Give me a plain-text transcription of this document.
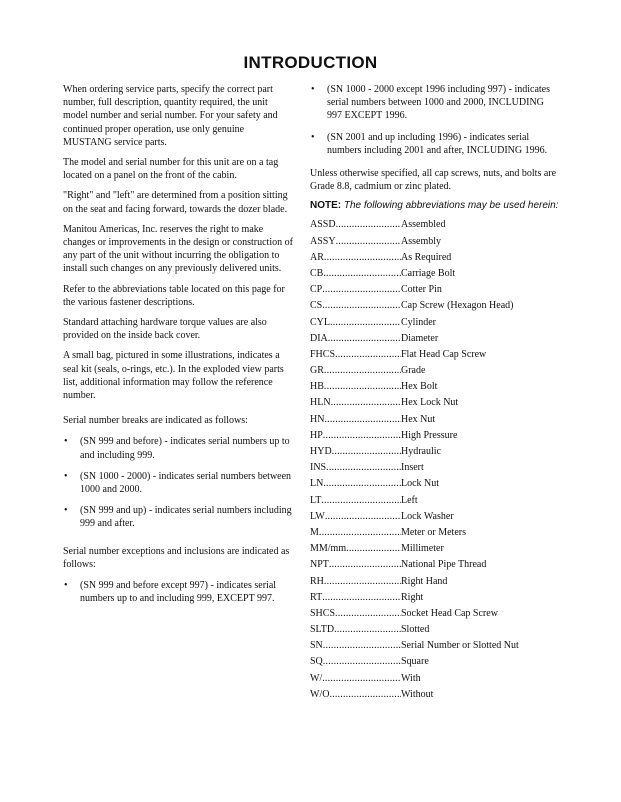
INTRODUCTION

When ordering service parts, specify the correct part number, full description, quantity required, the unit model number and serial number. For your safety and continued proper operation, use only genuine MUSTANG service parts.

The model and serial number for this unit are on a tag located on a panel on the front of the cabin.

"Right" and "left" are determined from a position sitting on the seat and facing forward, towards the dozer blade.

Manitou Americas, Inc. reserves the right to make changes or improvements in the design or construction of any part of the unit without incurring the obligation to install such changes on any previously delivered units.

Refer to the abbreviations table located on this page for the various fastener descriptions.

Standard attaching hardware torque values are also provided on the inside back cover.

A small bag, pictured in some illustrations, indicates a seal kit (seals, o-rings, etc.). In the exploded view parts list, additional information may follow the reference number.

Serial number breaks are indicated as follows:

• (SN 999 and before) - indicates serial numbers up to and including 999.
• (SN 1000 - 2000) - indicates serial numbers between 1000 and 2000.
• (SN 999 and up) - indicates serial numbers including 999 and after.

Serial number exceptions and inclusions are indicated as follows:

• (SN 999 and before except 997) - indicates serial numbers up to and including 999, EXCEPT 997.
• (SN 1000 - 2000 except 1996 including 997) - indicates serial numbers between 1000 and 2000, INCLUDING 997 EXCEPT 1996.
• (SN 2001 and up including 1996) - indicates serial numbers including 2001 and after, INCLUDING 1996.

Unless otherwise specified, all cap screws, nuts, and bolts are Grade 8.8, cadmium or zinc plated.

NOTE: The following abbreviations may be used herein:
ASSD .....	Assembled
ASSY .....	Assembly
AR .....	As Required
CB .....	Carriage Bolt
CP .....	Cotter Pin
CS .....	Cap Screw (Hexagon Head)
CYL .....	Cylinder
DIA .....	Diameter
FHCS .....	Flat Head Cap Screw
GR .....	Grade
HB .....	Hex Bolt
HLN .....	Hex Lock Nut
HN .....	Hex Nut
HP .....	High Pressure
HYD .....	Hydraulic
INS .....	Insert
LN .....	Lock Nut
LT .....	Left
LW .....	Lock Washer
M .....	Meter or Meters
MM/mm .....	Millimeter
NPT .....	National Pipe Thread
RH .....	Right Hand
RT .....	Right
SHCS .....	Socket Head Cap Screw
SLTD .....	Slotted
SN .....	Serial Number or Slotted Nut
SQ .....	Square
W/ .....	With
W/O .....	Without
